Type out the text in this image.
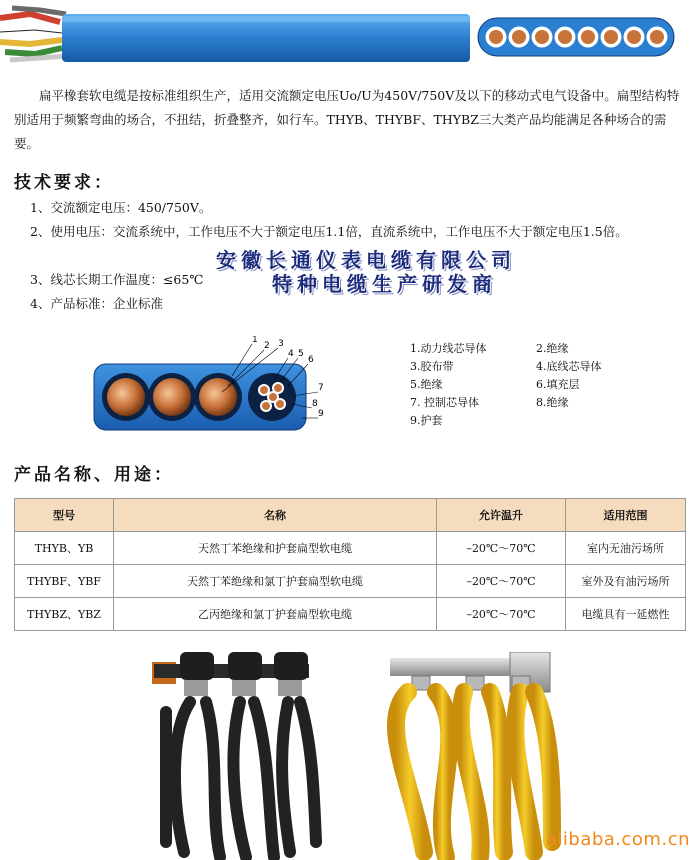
扁平橡套软电缆是按标准组织生产，适用交流额定电压Uo/U为450V/750V及以下的移动式电气设备中。扁型结构特别适用于频繁弯曲的场合，不扭结，折叠整齐，如行车。THYB、THYBF、THYBZ三大类产品均能满足各种场合的需要。
技术要求：
1、交流额定电压：450/750V。
2、使用电压：交流系统中，工作电压不大于额定电压1.1倍，直流系统中，工作电压不大于额定电压1.5倍。
3、线芯长期工作温度：≤65℃
4、产品标准：企业标准
安徽长通仪表电缆有限公司
特种电缆生产研发商
1
2 3
4 5
6
7
8
9
1.动力线芯导体	2.绝缘
3.胶布带	4.底线芯导体
5.绝缘	6.填充层
7. 控制芯导体	8.绝缘
9.护套
产品名称、用途：
型号	名称	允许温升	适用范围
THYB、YB	天然丁苯绝缘和护套扁型软电缆	–20℃～70℃	室内无油污场所
THYBF、YBF	天然丁苯绝缘和氯丁护套扁型软电缆	–20℃～70℃	室外及有油污场所
THYBZ、YBZ	乙丙绝缘和氯丁护套扁型软电缆	–20℃～70℃	电缆具有一延燃性
alibaba.com.cn
